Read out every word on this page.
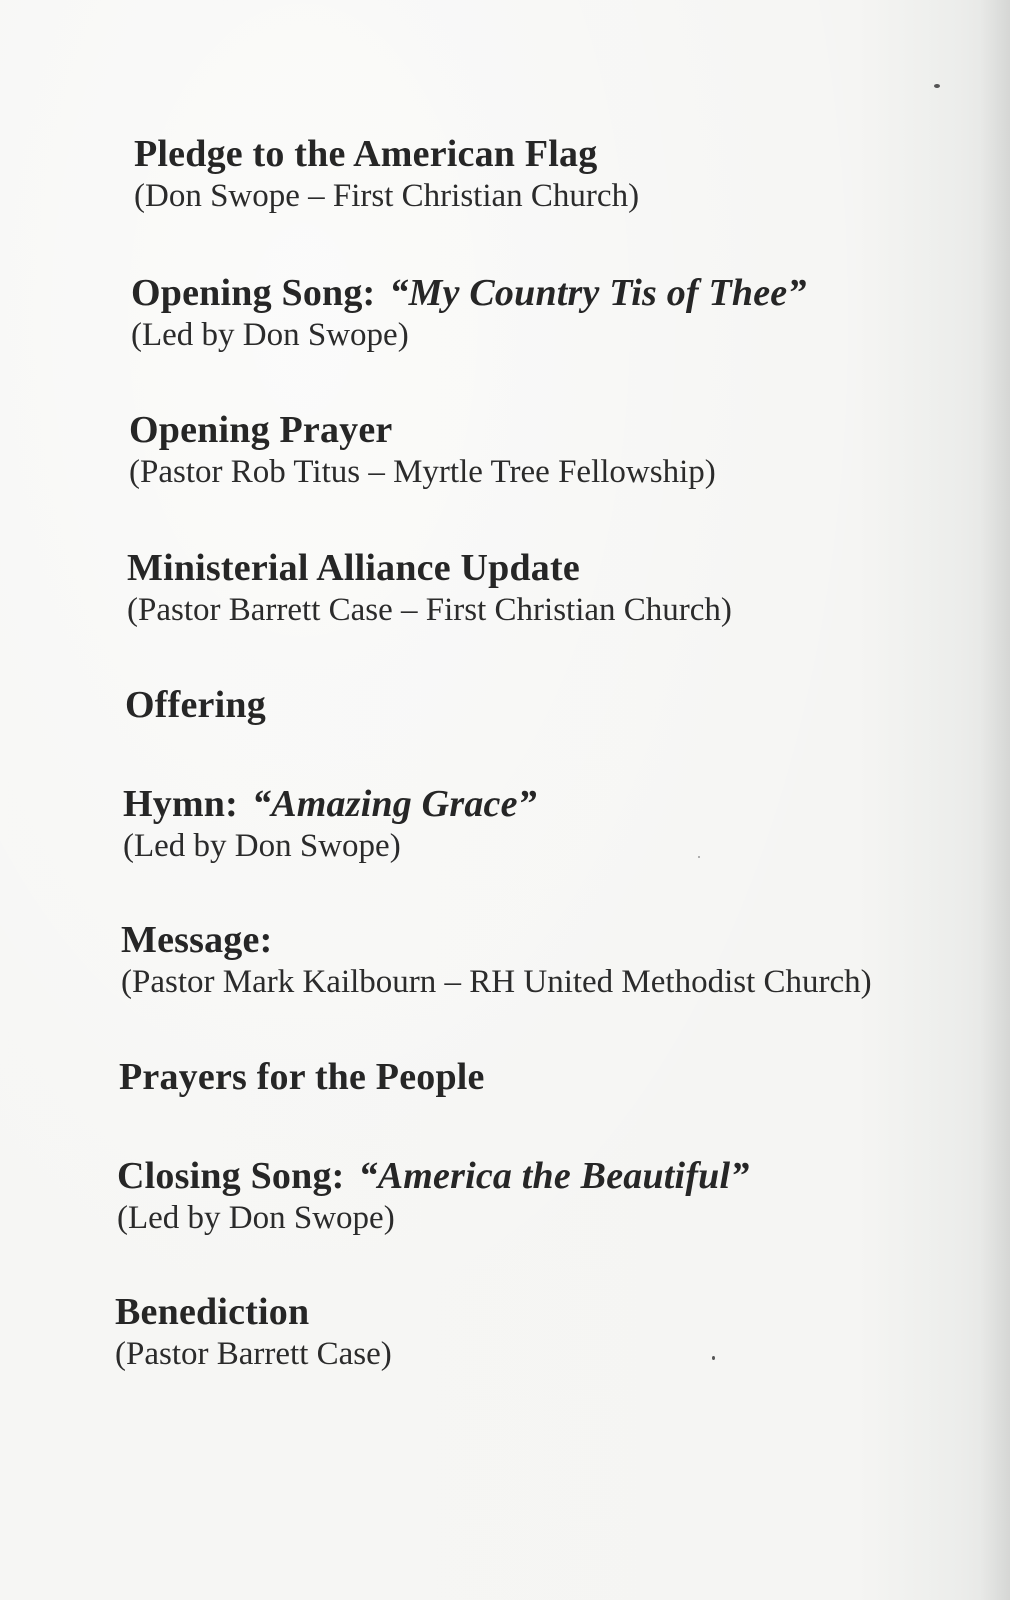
Pledge to the American Flag
(Don Swope – First Christian Church)
Opening Song: “My Country Tis of Thee”
(Led by Don Swope)
Opening Prayer
(Pastor Rob Titus – Myrtle Tree Fellowship)
Ministerial Alliance Update
(Pastor Barrett Case – First Christian Church)
Offering
Hymn: “Amazing Grace”
(Led by Don Swope)
Message:
(Pastor Mark Kailbourn – RH United Methodist Church)
Prayers for the People
Closing Song: “America the Beautiful”
(Led by Don Swope)
Benediction
(Pastor Barrett Case)
